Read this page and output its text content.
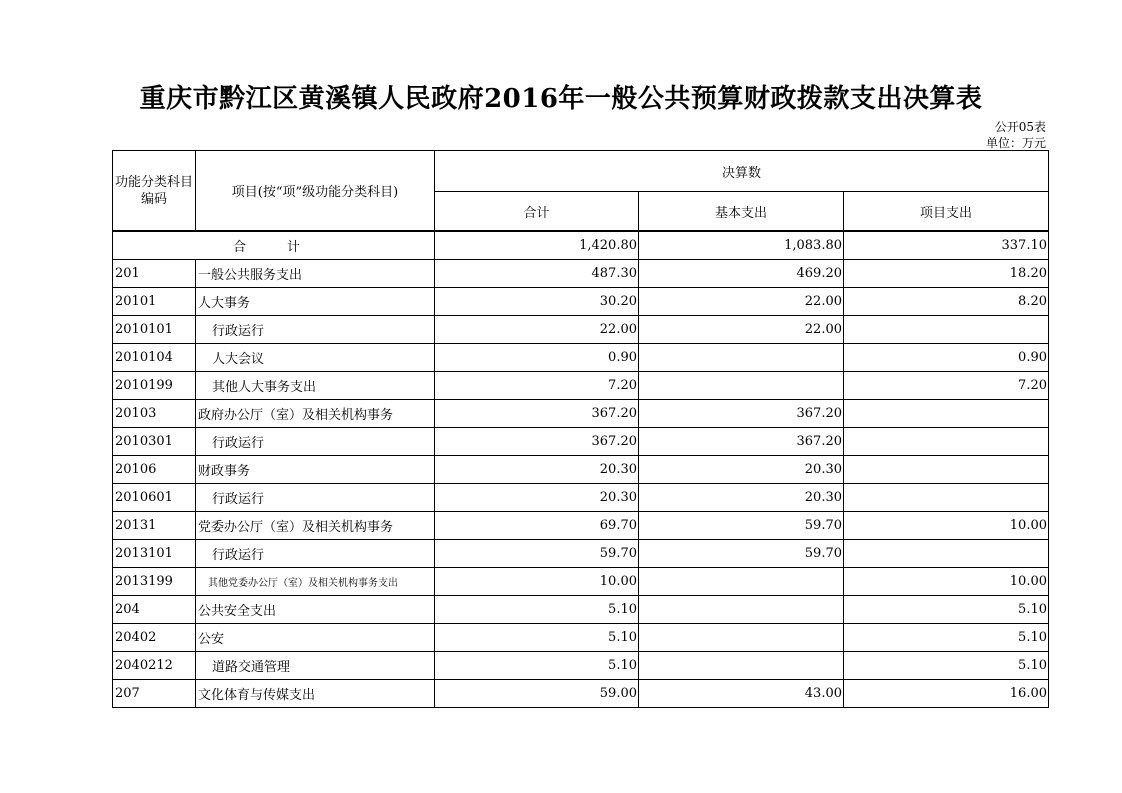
重庆市黔江区黄溪镇人民政府2016年一般公共预算财政拨款支出决算表
公开05表
单位：万元
功能分类科目编码	项目(按“项”级功能分类科目)	决算数		
		合计	基本支出	项目支出
合　计		1,420.80	1,083.80	337.10
201	一般公共服务支出	487.30	469.20	18.20
20101	人大事务	30.20	22.00	8.20
2010101	行政运行	22.00	22.00	
2010104	人大会议	0.90		0.90
2010199	其他人大事务支出	7.20		7.20
20103	政府办公厅（室）及相关机构事务	367.20	367.20	
2010301	行政运行	367.20	367.20	
20106	财政事务	20.30	20.30	
2010601	行政运行	20.30	20.30	
20131	党委办公厅（室）及相关机构事务	69.70	59.70	10.00
2013101	行政运行	59.70	59.70	
2013199	其他党委办公厅（室）及相关机构事务支出	10.00		10.00
204	公共安全支出	5.10		5.10
20402	公安	5.10		5.10
2040212	道路交通管理	5.10		5.10
207	文化体育与传媒支出	59.00	43.00	16.00
